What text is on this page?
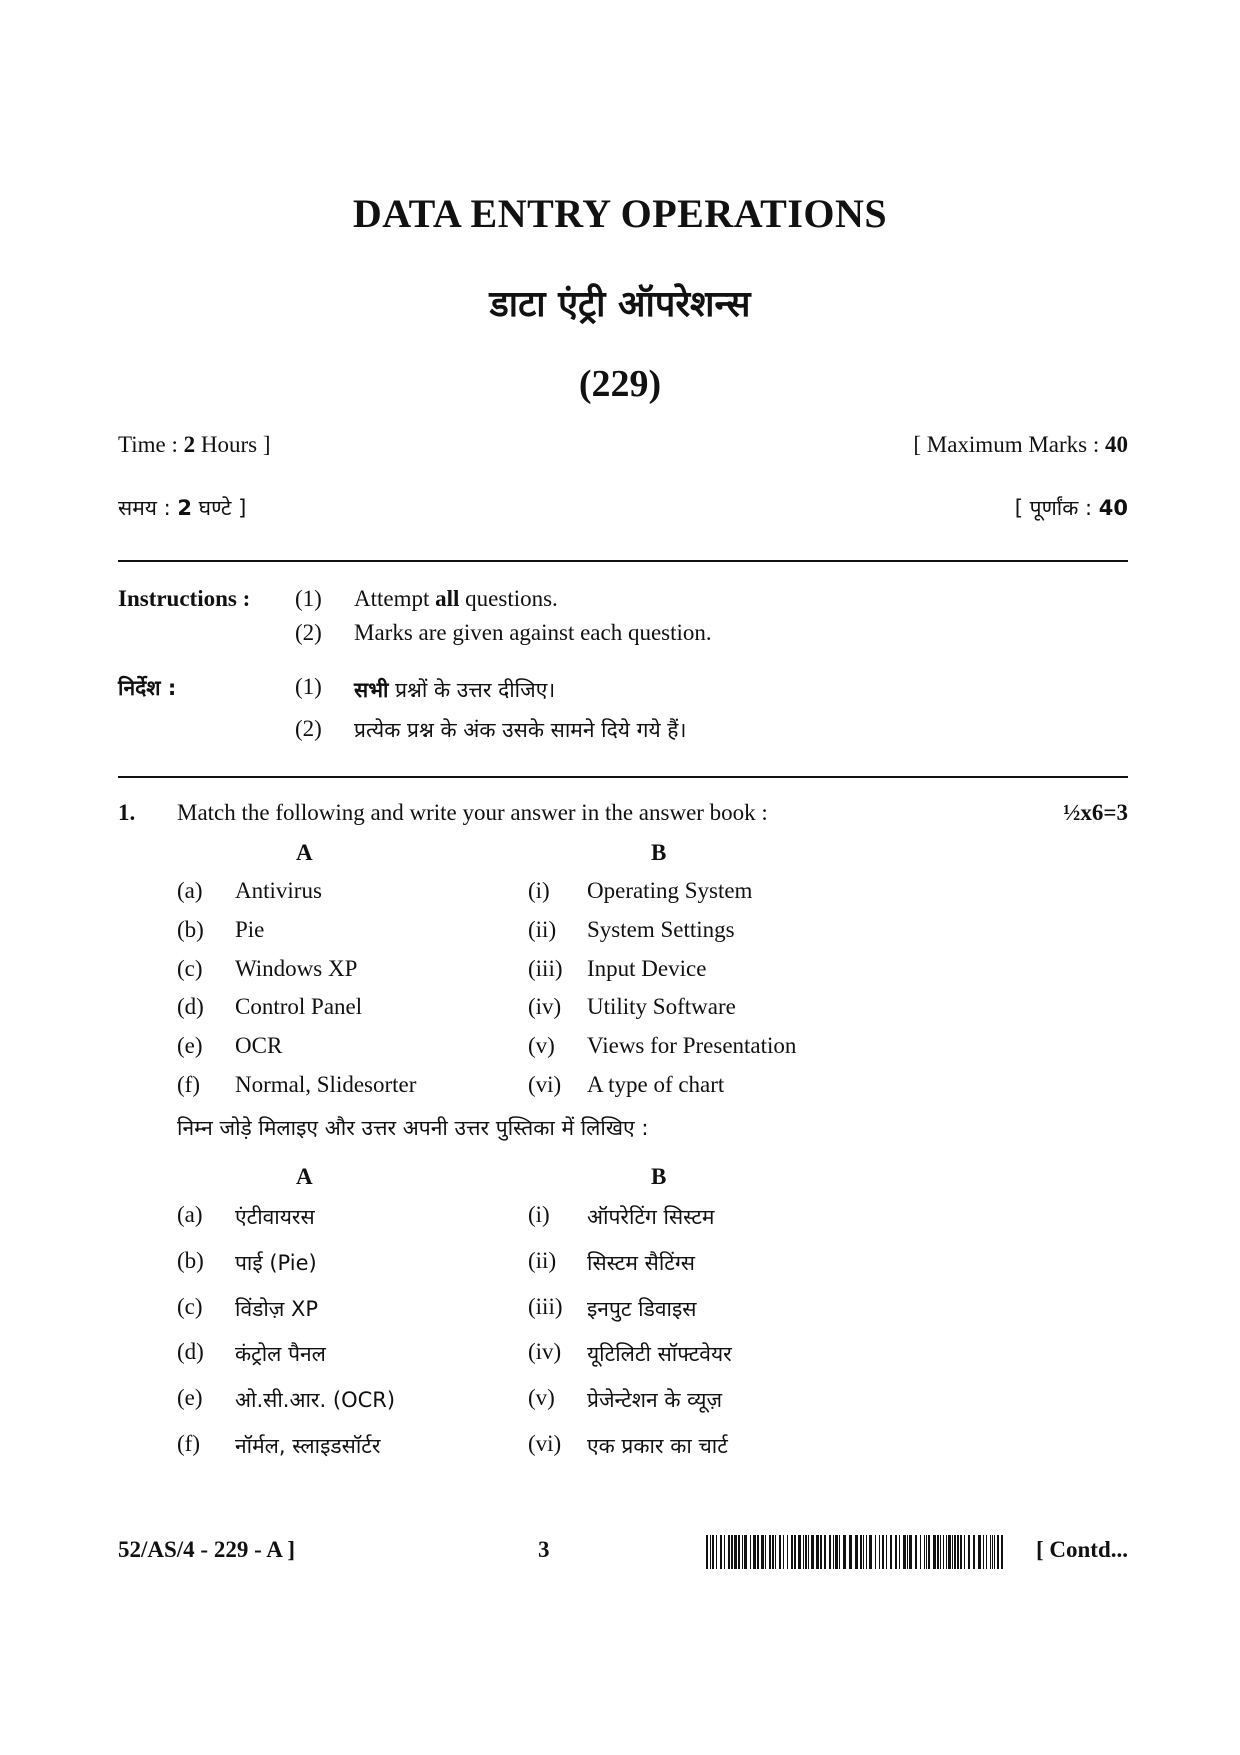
DATA ENTRY OPERATIONS
डाटा एंट्री ऑपरेशन्स
(229)
Time : 2 Hours ]	[ Maximum Marks : 40
समय : 2 घण्टे ]	[ पूर्णांक : 40
Instructions : (1) Attempt all questions.
(2) Marks are given against each question.
निर्देश :	(1) सभी प्रश्नों के उत्तर दीजिए।
(2) प्रत्येक प्रश्न के अंक उसके सामने दिये गये हैं।
1. Match the following and write your answer in the answer book :	½x6=3
A	B
(a) Antivirus	(i) Operating System
(b) Pie	(ii) System Settings
(c) Windows XP	(iii) Input Device
(d) Control Panel	(iv) Utility Software
(e) OCR	(v) Views for Presentation
(f) Normal, Slidesorter	(vi) A type of chart
निम्न जोड़े मिलाइए और उत्तर अपनी उत्तर पुस्तिका में लिखिए :
A	B
(a) एंटीवायरस	(i) ऑपरेटिंग सिस्टम
(b) पाई (Pie)	(ii) सिस्टम सैटिंग्स
(c) विंडोज़ XP	(iii) इनपुट डिवाइस
(d) कंट्रोल पैनल	(iv) यूटिलिटी सॉफ्टवेयर
(e) ओ.सी.आर. (OCR)	(v) प्रेजेन्टेशन के व्यूज़
(f) नॉर्मल, स्लाइडसॉर्टर	(vi) एक प्रकार का चार्ट
52/AS/4 - 229 - A ]	3	[ Contd...
